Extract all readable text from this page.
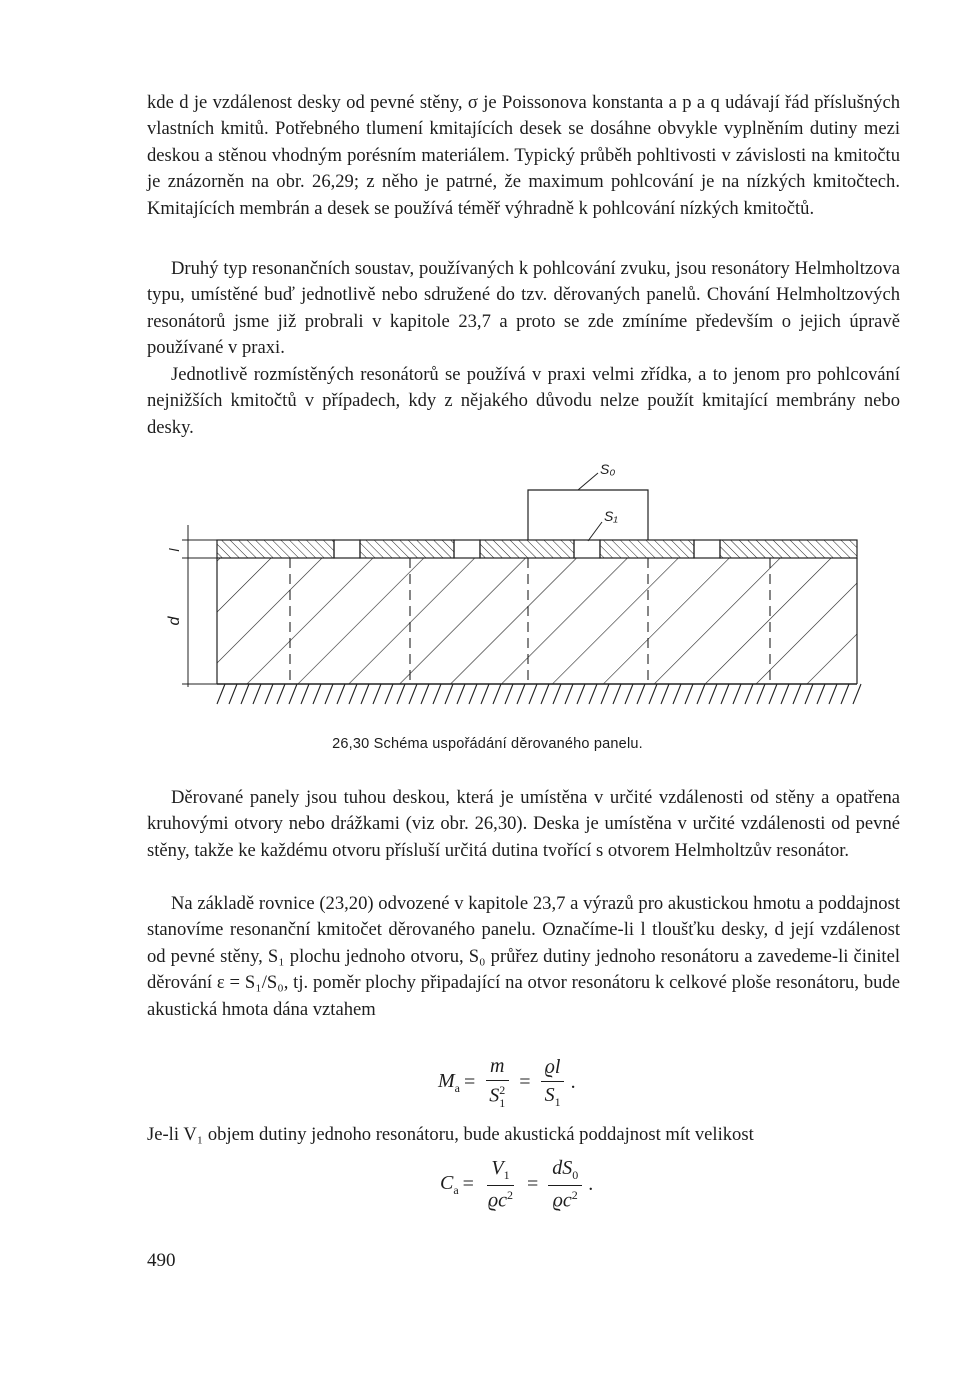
kde d je vzdálenost desky od pevné stěny, σ je Poissonova konstanta a p a q udávají řád příslušných vlastních kmitů. Potřebného tlumení kmitajících desek se dosáhne obvykle vyplněním dutiny mezi deskou a stěnou vhodným porésním materiálem. Typický průběh pohltivosti v závislosti na kmitočtu je znázorněn na obr. 26,29; z něho je patrné, že maximum pohlcování je na nízkých kmitočtech. Kmitajících membrán a desek se používá téměř výhradně k pohlcování nízkých kmitočtů.

Druhý typ resonančních soustav, používaných k pohlcování zvuku, jsou resonátory Helmholtzova typu, umístěné buď jednotlivě nebo sdružené do tzv. děrovaných panelů. Chování Helmholtzových resonátorů jsme již probrali v kapitole 23,7 a proto se zde zmíníme především o jejich úpravě používané v praxi.

Jednotlivě rozmístěných resonátorů se používá v praxi velmi zřídka, a to jenom pro pohlcování nejnižších kmitočtů v případech, kdy z nějakého důvodu nelze použít kmitající membrány nebo desky.

S₀
S₁
l
d
26,30 Schéma uspořádání děrovaného panelu.

Děrované panely jsou tuhou deskou, která je umístěna v určité vzdálenosti od stěny a opatřena kruhovými otvory nebo drážkami (viz obr. 26,30). Deska je umístěna v určité vzdálenosti od pevné stěny, takže ke každému otvoru přísluší určitá dutina tvořící s otvorem Helmholtzův resonátor.

Na základě rovnice (23,20) odvozené v kapitole 23,7 a výrazů pro akustickou hmotu a poddajnost stanovíme resonanční kmitočet děrovaného panelu. Označíme-li l tloušťku desky, d její vzdálenost od pevné stěny, S₁ plochu jednoho otvoru, S₀ průřez dutiny jednoho resonátoru a zavedeme-li činitel děrování ε = S₁/S₀, tj. poměr plochy připadající na otvor resonátoru k celkové ploše resonátoru, bude akustická hmota dána vztahem

$M_a = \frac{m}{S^2_1} = \frac{ϱl}{S_1}$ .

Je-li V₁ objem dutiny jednoho resonátoru, bude akustická poddajnost mít velikost

$C_a = \frac{V_1}{ϱc^2} = \frac{dS_0}{ϱc^2}$ .
490
